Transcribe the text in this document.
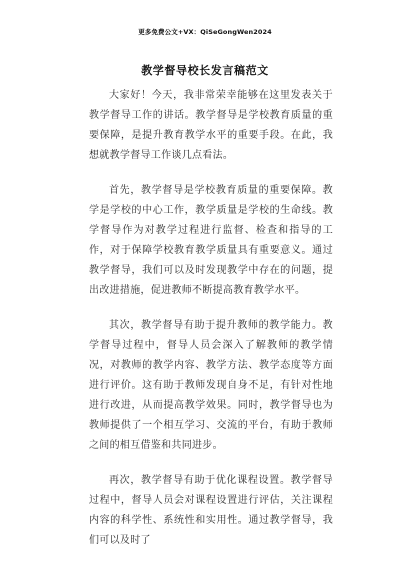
更多免费公文+VX：QiSeGongWen2024
教学督导校长发言稿范文

大家好！今天，我非常荣幸能够在这里发表关于教学督导工作的讲话。教学督导是学校教育质量的重要保障，是提升教育教学水平的重要手段。在此，我想就教学督导工作谈几点看法。

首先，教学督导是学校教育质量的重要保障。教学是学校的中心工作，教学质量是学校的生命线。教学督导作为对教学过程进行监督、检查和指导的工作，对于保障学校教育教学质量具有重要意义。通过教学督导，我们可以及时发现教学中存在的问题，提出改进措施，促进教师不断提高教育教学水平。

其次，教学督导有助于提升教师的教学能力。教学督导过程中，督导人员会深入了解教师的教学情况，对教师的教学内容、教学方法、教学态度等方面进行评价。这有助于教师发现自身不足，有针对性地进行改进，从而提高教学效果。同时，教学督导也为教师提供了一个相互学习、交流的平台，有助于教师之间的相互借鉴和共同进步。

再次，教学督导有助于优化课程设置。教学督导过程中，督导人员会对课程设置进行评估，关注课程内容的科学性、系统性和实用性。通过教学督导，我们可以及时了
